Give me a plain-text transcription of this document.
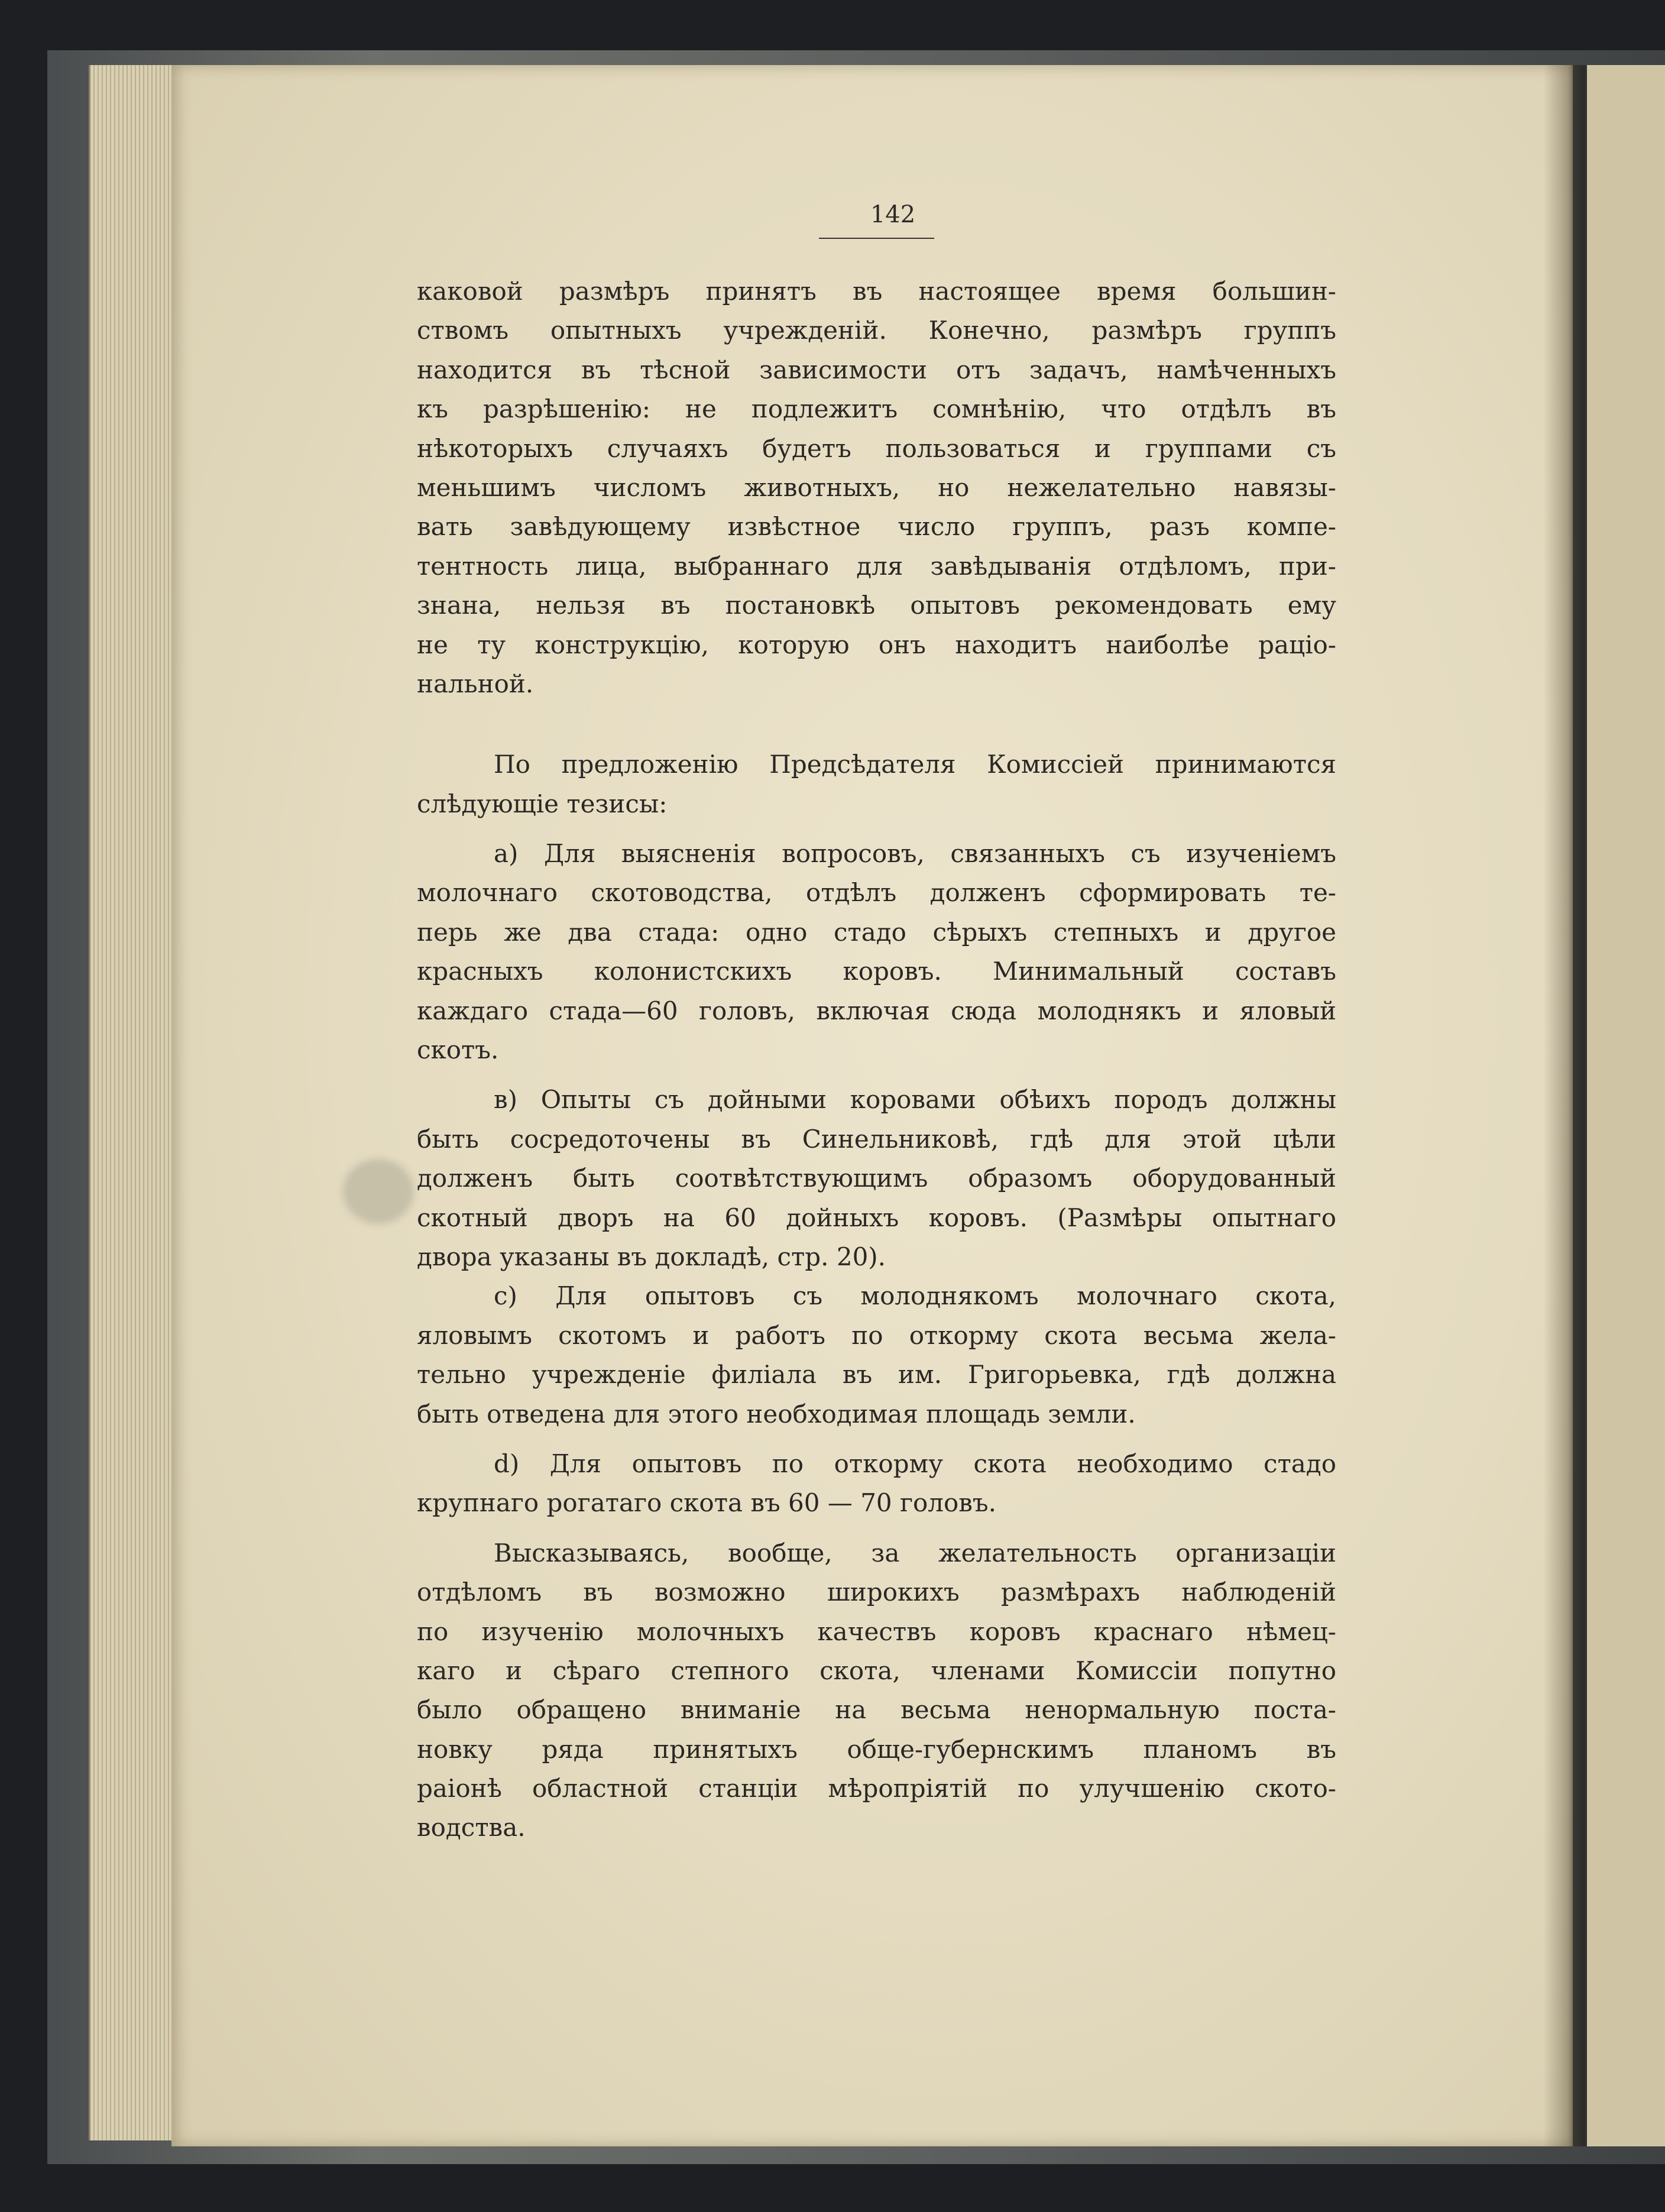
142
каковой размѣръ принятъ въ настоящее время большин-
ствомъ опытныхъ учрежденій. Конечно, размѣръ группъ
находится въ тѣсной зависимости отъ задачъ, намѣченныхъ
къ разрѣшенію: не подлежитъ сомнѣнію, что отдѣлъ въ
нѣкоторыхъ случаяхъ будетъ пользоваться и группами съ
меньшимъ числомъ животныхъ, но нежелательно навязы-
вать завѣдующему извѣстное число группъ, разъ компе-
тентность лица, выбраннаго для завѣдыванія отдѣломъ, при-
знана, нельзя въ постановкѣ опытовъ рекомендовать ему
не ту конструкцію, которую онъ находитъ наиболѣе раціо-
нальной.
По предложенію Предсѣдателя Комиссіей принимаются
слѣдующіе тезисы:
a) Для выясненія вопросовъ, связанныхъ съ изученіемъ
молочнаго скотоводства, отдѣлъ долженъ сформировать те-
перь же два стада: одно стадо сѣрыхъ степныхъ и другое
красныхъ колонистскихъ коровъ. Минимальный составъ
каждаго стада—60 головъ, включая сюда молоднякъ и яловый
скотъ.
в) Опыты съ дойными коровами обѣихъ породъ должны
быть сосредоточены въ Синельниковѣ, гдѣ для этой цѣли
долженъ быть соотвѣтствующимъ образомъ оборудованный
скотный дворъ на 60 дойныхъ коровъ. (Размѣры опытнаго
двора указаны въ докладѣ, стр. 20).
c) Для опытовъ съ молоднякомъ молочнаго скота,
яловымъ скотомъ и работъ по откорму скота весьма жела-
тельно учрежденіе филіала въ им. Григорьевка, гдѣ должна
быть отведена для этого необходимая площадь земли.
d) Для опытовъ по откорму скота необходимо стадо
крупнаго рогатаго скота въ 60 — 70 головъ.
Высказываясь, вообще, за желательность организаціи
отдѣломъ въ возможно широкихъ размѣрахъ наблюденій
по изученію молочныхъ качествъ коровъ краснаго нѣмец-
каго и сѣраго степного скота, членами Комиссіи попутно
было обращено вниманіе на весьма ненормальную поста-
новку ряда принятыхъ обще-губернскимъ планомъ въ
раіонѣ областной станціи мѣропріятій по улучшенію ското-
водства.
